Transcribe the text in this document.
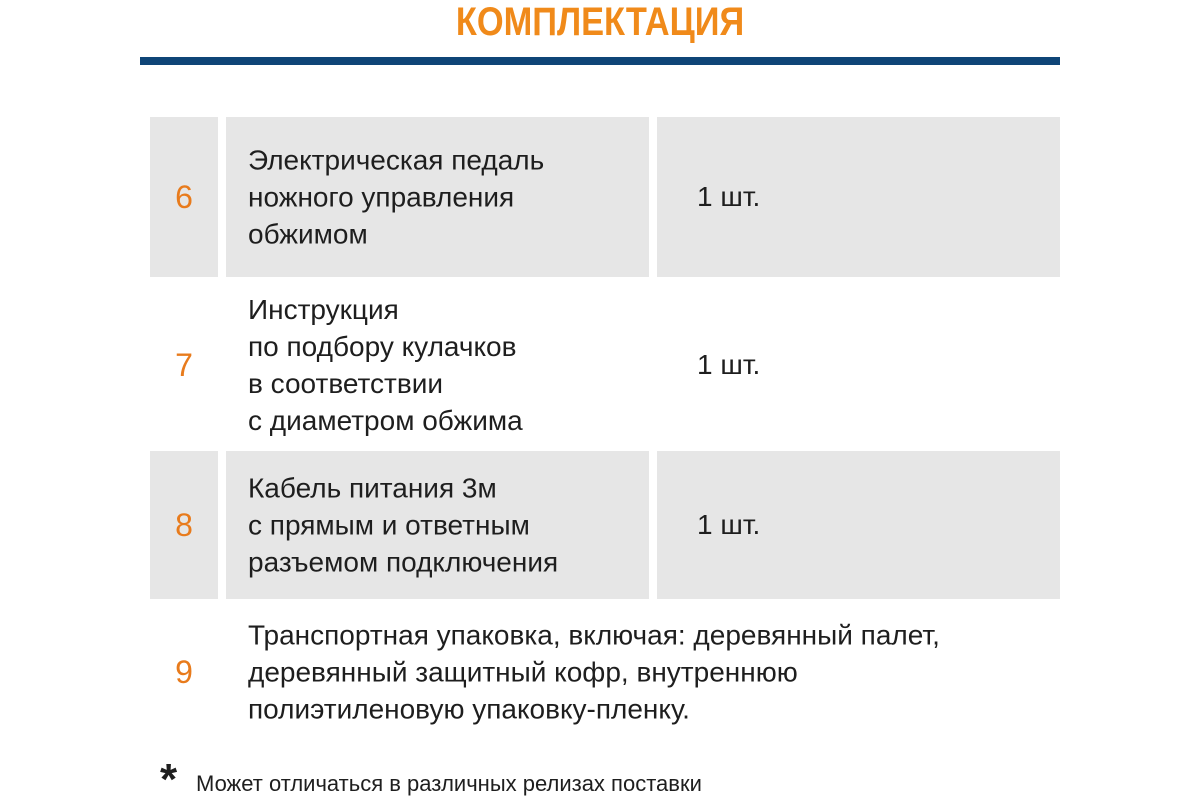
КОМПЛЕКТАЦИЯ
6
Электрическая педаль
ножного управления
обжимом
1 шт.
7
Инструкция
по подбору кулачков
в соответствии
с диаметром обжима
1 шт.
8
Кабель питания 3м
с прямым и ответным
разъемом подключения
1 шт.
9
Транспортная упаковка, включая: деревянный палет,
деревянный защитный кофр, внутреннюю
полиэтиленовую упаковку-пленку.
* Может отличаться в различных релизах поставки
